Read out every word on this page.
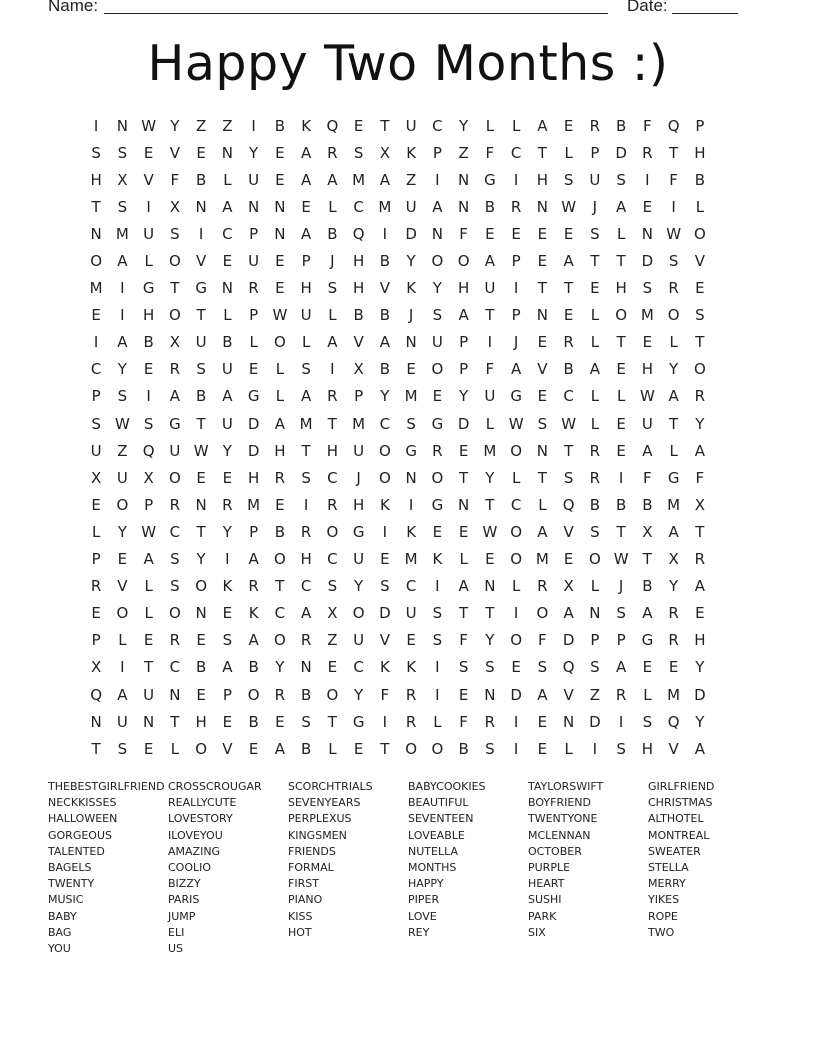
Name:	Date:
Happy Two Months :)
I	N W Y	Z	Z	I	B	K	Q	E	T	U	C	Y	L	L	A	E	R	B	F	Q	P
S	S	E	V	E	N	Y	E	A	R	S	X	K	P	Z	F	C	T	L	P	D	R	T	H
H	X	V	F	B	L	U	E	A	A M A	Z	I	N G	I	H	S	U	S	I	F	B
T	S	I	X	N	A	N	N	E	L	C M U	A	N	B	R	N W	J	A	E	I	L
N M U	S	I	C	P	N	A	B	Q	I	D N	F	E	E	E	E	S	L	N W O
O	A	L	O	V	E	U	E	P	J	H	B	Y	O O	A	P	E	A	T	T	D	S	V
M	I	G	T	G N	R	E	H	S	H	V	K	Y	H	U	I	T	T	E	H	S	R	E
E	I	H O	T	L	P W U	L	B	B	J	S	A	T	P	N	E	L	O M O	S
I	A	B	X	U	B	L	O	L	A	V	A	N	U	P	I	J	E	R	L	T	E	L	T
C	Y	E	R	S	U	E	L	S	I	X	B	E	O	P	F	A	V	B	A	E	H	Y	O
P	S	I	A	B	A	G	L	A	R	P	Y	M	E	Y	U G	E	C	L	L W A	R
S W S	G	T	U D	A M	T	M C	S	G D	L W S W L	E	U	T	Y
U	Z	Q U W Y	D H	T	H	U O G	R	E	M O N	T	R	E	A	L	A
X	U	X	O	E	E	H	R	S	C	J	O N O	T	Y	L	T	S	R	I	F	G	F
E	O	P	R	N	R M	E	I	R	H	K	I	G N	T	C	L	Q	B	B	B M X
L	Y W C	T	Y	P	B	R	O G	I	K	E	E W O	A	V	S	T	X	A	T
P	E	A	S	Y	I	A	O H	C	U	E	M K	L	E	O M	E	O W T	X	R
R	V	L	S	O	K	R	T	C	S	Y	S	C	I	A	N	L	R	X	L	J	B	Y	A
E	O	L	O N	E	K	C	A	X	O D U	S	T	T	I	O	A	N	S	A	R	E
P	L	E	R	E	S	A	O	R	Z	U	V	E	S	F	Y	O	F	D	P	P	G	R	H
X	I	T	C	B	A	B	Y	N	E	C	K	K	I	S	S	E	S	Q	S	A	E	E	Y
Q	A	U	N	E	P	O	R	B	O	Y	F	R	I	E	N D	A	V	Z	R	L	M D
N	U	N	T	H	E	B	E	S	T	G	I	R	L	F	R	I	E	N D	I	S	Q	Y
T	S	E	L	O	V	E	A	B	L	E	T	O O	B	S	I	E	L	I	S	H	V	A
THEBESTGIRLFRIEND CROSSCROUGAR	SCORCHTRIALS	BABYCOOKIES	TAYLORSWIFT	GIRLFRIEND
NECKKISSES	REALLYCUTE	SEVENYEARS	BEAUTIFUL	BOYFRIEND	CHRISTMAS
HALLOWEEN	LOVESTORY	PERPLEXUS	SEVENTEEN	TWENTYONE	ALTHOTEL
GORGEOUS	ILOVEYOU	KINGSMEN	LOVEABLE	MCLENNAN	MONTREAL
TALENTED	AMAZING	FRIENDS	NUTELLA	OCTOBER	SWEATER
BAGELS	COOLIO	FORMAL	MONTHS	PURPLE	STELLA
TWENTY	BIZZY	FIRST	HAPPY	HEART	MERRY
MUSIC	PARIS	PIANO	PIPER	SUSHI	YIKES
BABY	JUMP	KISS	LOVE	PARK	ROPE
BAG	ELI	HOT	REY	SIX	TWO
YOU	US
